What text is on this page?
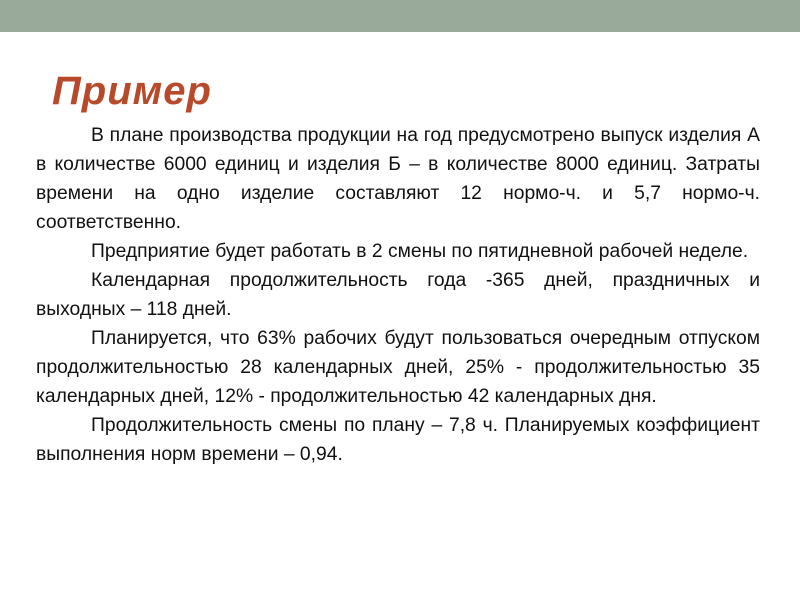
Пример

В плане производства продукции на год предусмотрено выпуск изделия А в количестве 6000 единиц и изделия Б – в количестве 8000 единиц. Затраты времени на одно изделие составляют 12 нормо-ч. и 5,7 нормо-ч. соответственно.

Предприятие будет работать в 2 смены по пятидневной рабочей неделе.

Календарная продолжительность года -365 дней, праздничных и выходных – 118 дней.

Планируется, что 63% рабочих будут пользоваться очередным отпуском продолжительностью 28 календарных дней, 25% - продолжительностью 35 календарных дней, 12% - продолжительностью 42 календарных дня.

Продолжительность смены по плану – 7,8 ч. Планируемых коэффициент выполнения норм времени – 0,94.
